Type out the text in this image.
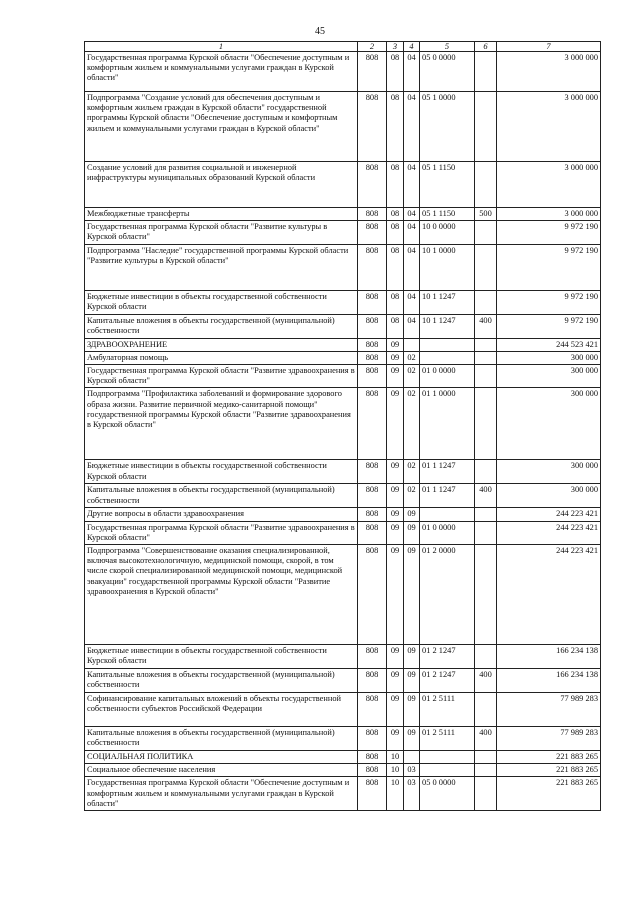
45
1	2	3	4	5	6	7
Государственная программа Курской области "Обеспечение доступным и комфортным жильем и коммунальными услугами граждан в Курской области"	808	08	04	05 0 0000		3 000 000
Подпрограмма "Создание условий для обеспечения доступным и комфортным жильем граждан в Курской области" государственной программы Курской области "Обеспечение доступным и комфортным жильем и коммунальными услугами граждан в Курской области"	808	08	04	05 1 0000		3 000 000
Создание условий для развития социальной и инженерной инфраструктуры муниципальных образований Курской области	808	08	04	05 1 1150		3 000 000
Межбюджетные трансферты	808	08	04	05 1 1150	500	3 000 000
Государственная программа Курской области "Развитие культуры в Курской области"	808	08	04	10 0 0000		9 972 190
Подпрограмма "Наследие" государственной программы Курской области "Развитие культуры в Курской области"	808	08	04	10 1 0000		9 972 190
Бюджетные инвестиции в объекты государственной собственности Курской области	808	08	04	10 1 1247		9 972 190
Капитальные вложения в объекты государственной (муниципальной) собственности	808	08	04	10 1 1247	400	9 972 190
ЗДРАВООХРАНЕНИЕ	808	09				244 523 421
Амбулаторная помощь	808	09	02			300 000
Государственная программа Курской области "Развитие здравоохранения в Курской области"	808	09	02	01 0 0000		300 000
Подпрограмма "Профилактика заболеваний и формирование здорового образа жизни. Развитие первичной медико-санитарной помощи" государственной программы Курской области "Развитие здравоохранения в Курской области"	808	09	02	01 1 0000		300 000
Бюджетные инвестиции в объекты государственной собственности Курской области	808	09	02	01 1 1247		300 000
Капитальные вложения в объекты государственной (муниципальной) собственности	808	09	02	01 1 1247	400	300 000
Другие вопросы в области здравоохранения	808	09	09			244 223 421
Государственная программа Курской области "Развитие здравоохранения в Курской области"	808	09	09	01 0 0000		244 223 421
Подпрограмма "Совершенствование оказания специализированной, включая высокотехнологичную, медицинской помощи, скорой, в том числе скорой специализированной медицинской помощи, медицинской эвакуации" государственной программы Курской области "Развитие здравоохранения в Курской области"	808	09	09	01 2 0000		244 223 421
Бюджетные инвестиции в объекты государственной собственности Курской области	808	09	09	01 2 1247		166 234 138
Капитальные вложения в объекты государственной (муниципальной) собственности	808	09	09	01 2 1247	400	166 234 138
Софинансирование капитальных вложений в объекты государственной собственности субъектов Российской Федерации	808	09	09	01 2 5111		77 989 283
Капитальные вложения в объекты государственной (муниципальной) собственности	808	09	09	01 2 5111	400	77 989 283
СОЦИАЛЬНАЯ ПОЛИТИКА	808	10				221 883 265
Социальное обеспечение населения	808	10	03			221 883 265
Государственная программа Курской области "Обеспечение доступным и комфортным жильем и коммунальными услугами граждан в Курской области"	808	10	03	05 0 0000		221 883 265
